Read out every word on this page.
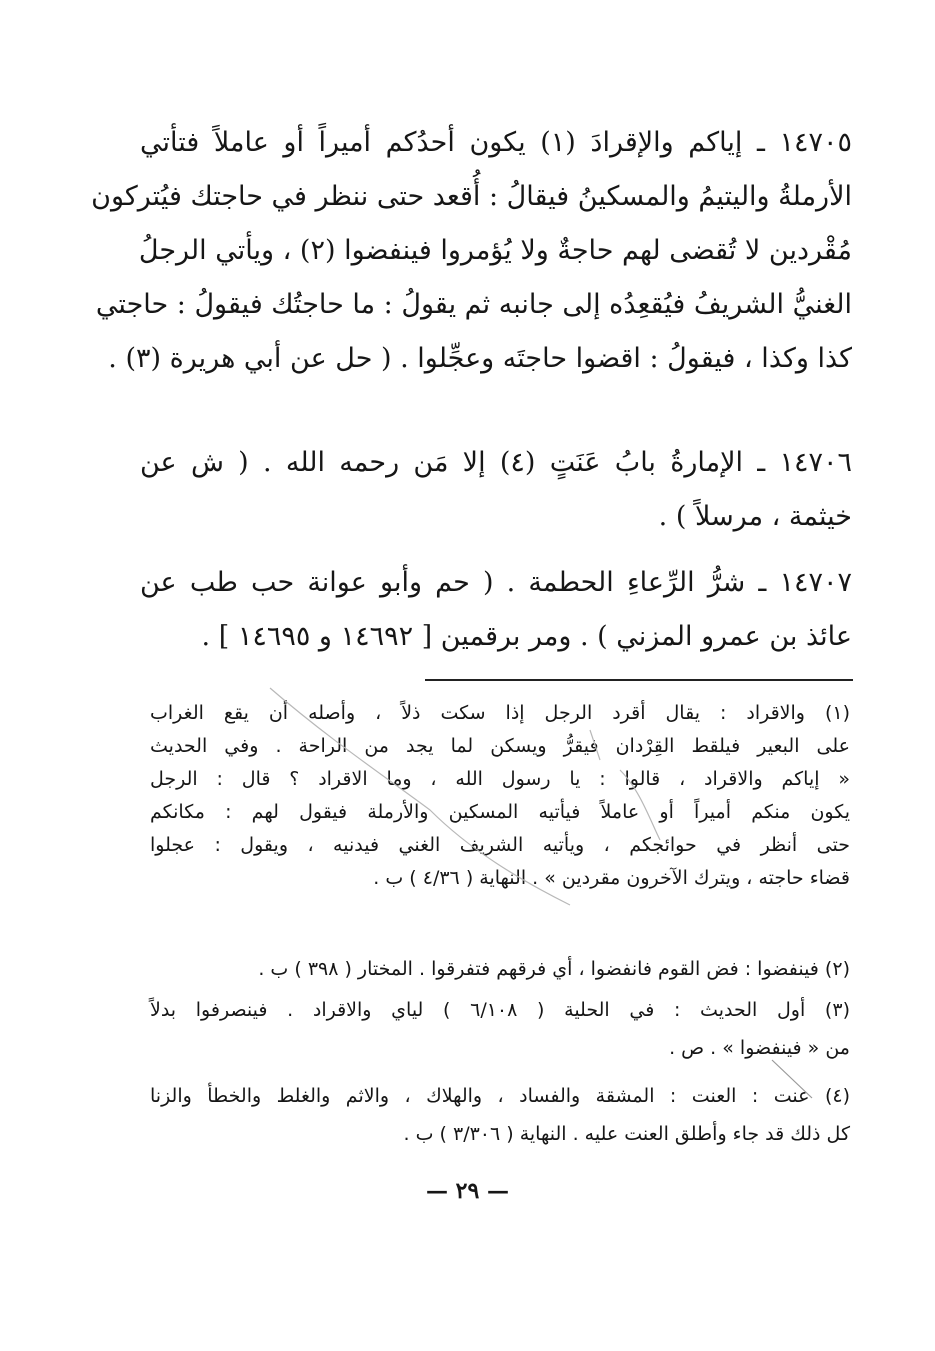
١٤٧٠٥ ـ إياكم والإقرادَ (١) يكون أحدُكم أميراً أو عاملاً فتأتي
الأرملةُ واليتيمُ والمسكينُ فيقالُ : أُقعد حتى ننظر في حاجتك فيُتركون
مُقْردين لا تُقضى لهم حاجةٌ ولا يُؤمروا فينفضوا (٢) ، ويأتي الرجلُ
الغنيُّ الشريفُ فيُقعِدُه إلى جانبه ثم يقولُ : ما حاجتُك فيقولُ : حاجتي
كذا وكذا ، فيقولُ : اقضوا حاجتَه وعجِّلوا . ( حل عن أبي هريرة (٣) .
١٤٧٠٦ ـ الإمارةُ بابُ عَنَتٍ (٤) إلا مَن رحمه الله . ( ش عن
خيثمة ، مرسلاً ) .
١٤٧٠٧ ـ شرُّ الرِّعاءِ الحطمة . ( حم وأبو عوانة حب طب عن
عائذ بن عمرو المزني ) . ومر برقمين [ ١٤٦٩٢ و ١٤٦٩٥ ] .
(١) والاقراد : يقال أقرد الرجل إذا سكت ذلاً ، وأصله أن يقع الغراب
على البعير فيلقط القِرْدان فيقرُّ ويسكن لما يجد من الراحة . وفي الحديث
« إياكم والاقراد ، قالوا : يا رسول الله ، وما الاقراد ؟ قال : الرجل
يكون منكم أميراً أو عاملاً فيأتيه المسكين والأرملة فيقول لهم : مكانكم
حتى أنظر في حوائجكم ، ويأتيه الشريف الغني فيدنيه ، ويقول : عجلوا
قضاء حاجته ، ويترك الآخرون مقردين » . النهاية ( ٤/٣٦ ) ب .
(٢) فينفضوا : فض القوم فانفضوا ، أي فرقهم فتفرقوا . المختار ( ٣٩٨ ) ب .
(٣) أول الحديث : في الحلية ( ٦/١٠٨ ) لياي والاقراد . فينصرفوا بدلاً
من « فينفضوا » . ص .
(٤) عنت : العنت : المشقة والفساد ، والهلاك ، والاثم والغلط والخطأ والزنا
كل ذلك قد جاء وأطلق العنت عليه . النهاية ( ٣/٣٠٦ ) ب .
— ٢٩ —
